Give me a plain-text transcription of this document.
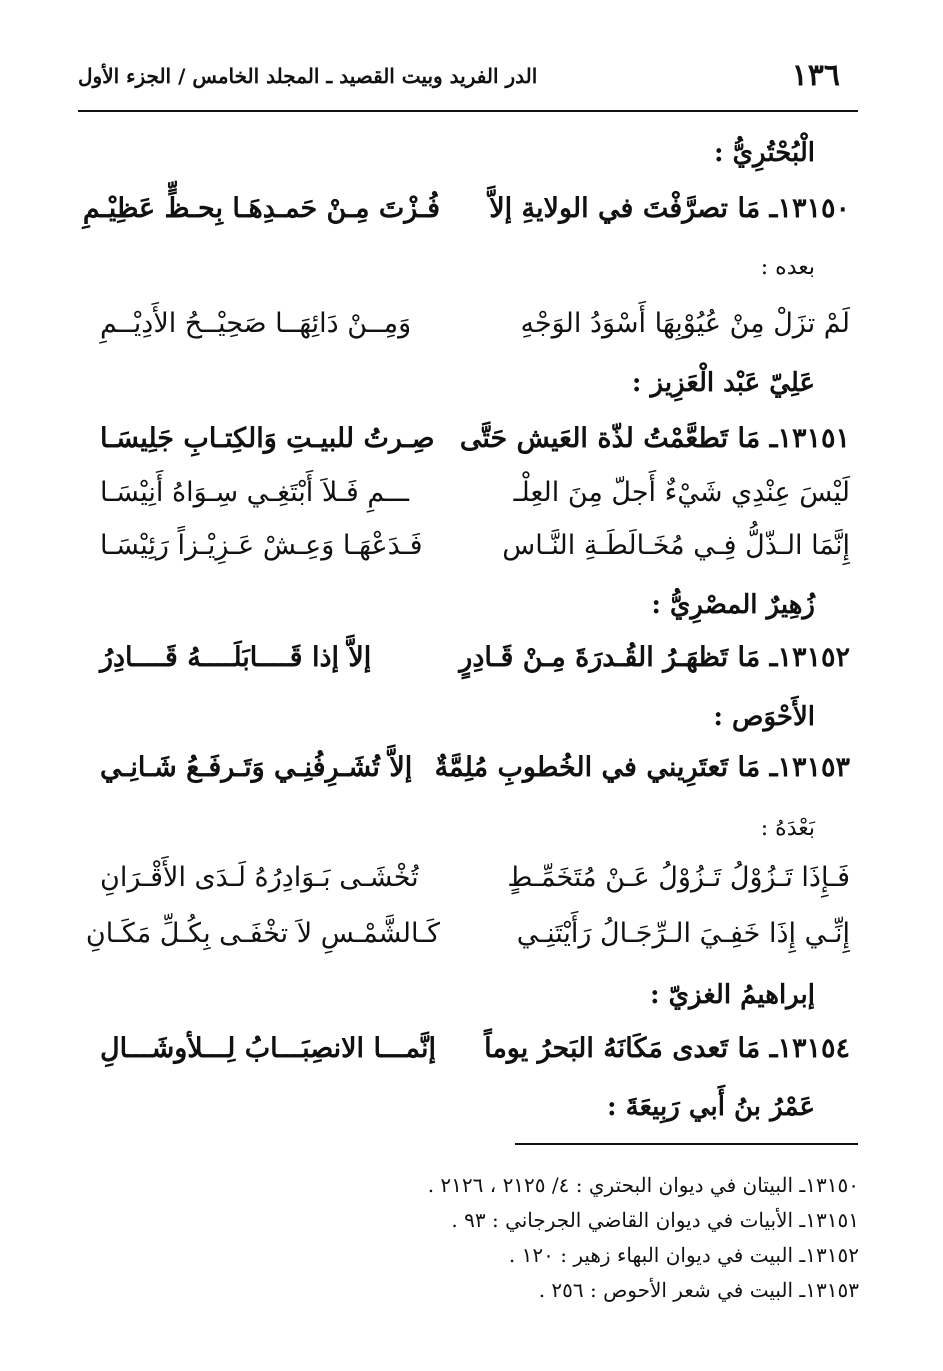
١٣٦
الدر الفريد وبيت القصيد ـ المجلد الخامس / الجزء الأول
الْبُحْتُرِيُّ :
١٣١٥٠ـ مَا تصرَّفْتَ في الولايةِ إلاَّ
فُـزْتَ مِـنْ حَمـدِهَـا بِحـظٍّ عَظِيْـمِ
بعده :
لَمْ تزَلْ مِنْ عُيُوْبِهَا أَسْوَدُ الوَجْهِ
وَمِــنْ دَائِهَــا صَحِيْــحُ الأَدِيْــمِ
عَلِيّ عَبْد الْعَزِيز :
١٣١٥١ـ مَا تَطعَّمْتُ لذّة العَيش حَتَّى
صِـرتُ للبيـتِ وَالكِتـابِ جَلِيسَـا
لَيْسَ عِنْدِي شَيْءٌ أَجلّ مِنَ العِلْـ
ـــمِ فَـلاَ أَبْتَغِـي سِـوَاهُ أَنِيْسَـا
إِنَّمَا الـذّلُّ فِـي مُخَـالَطَـةِ النَّـاس
فَـدَعْهَـا وَعِـشْ عَـزِيْـزاً رَئِيْسَـا
زُهِيرٌ المصْرِيُّ :
١٣١٥٢ـ مَا تَظهَـرُ القُـدرَةَ مِـنْ قَـادِرٍ
إلاَّ إذا قَــــابَلَــــهُ قَــــادِرُ
الأَحْوَص :
١٣١٥٣ـ مَا تَعتَرِيني في الخُطوبِ مُلِمَّةٌ
إلاَّ تُشَـرِفُنِـي وَتَـرفَـعُ شَـانِـي
بَعْدَهُ :
فَـإِذَا تَـزُوْلُ تَـزُوْلُ عَـنْ مُتَخَمِّـطٍ
تُخْشَـى بَـوَادِرُهُ لَـدَى الأَقْـرَانِ
إِنِّـي إِذَا خَفِـيَ الـرِّجَـالُ رَأَيْتَنِـي
كَـالشَّمْـسِ لاَ تخْفَـى بِكُـلِّ مَكَـانِ
إبراهيمُ الغزيّ :
١٣١٥٤ـ مَا تَعدى مَكَانَهُ البَحرُ يوماً
إنَّمـــا الانصِبَـــابُ لِـــلأوشَـــالِ
عَمْرُ بنُ أَبي رَبِيعَةَ :
١٣١٥٠ـ البيتان في ديوان البحتري : ٤/ ٢١٢٥ ، ٢١٢٦ .
١٣١٥١ـ الأبيات في ديوان القاضي الجرجاني : ٩٣ .
١٣١٥٢ـ البيت في ديوان البهاء زهير : ١٢٠ .
١٣١٥٣ـ البيت في شعر الأحوص : ٢٥٦ .
